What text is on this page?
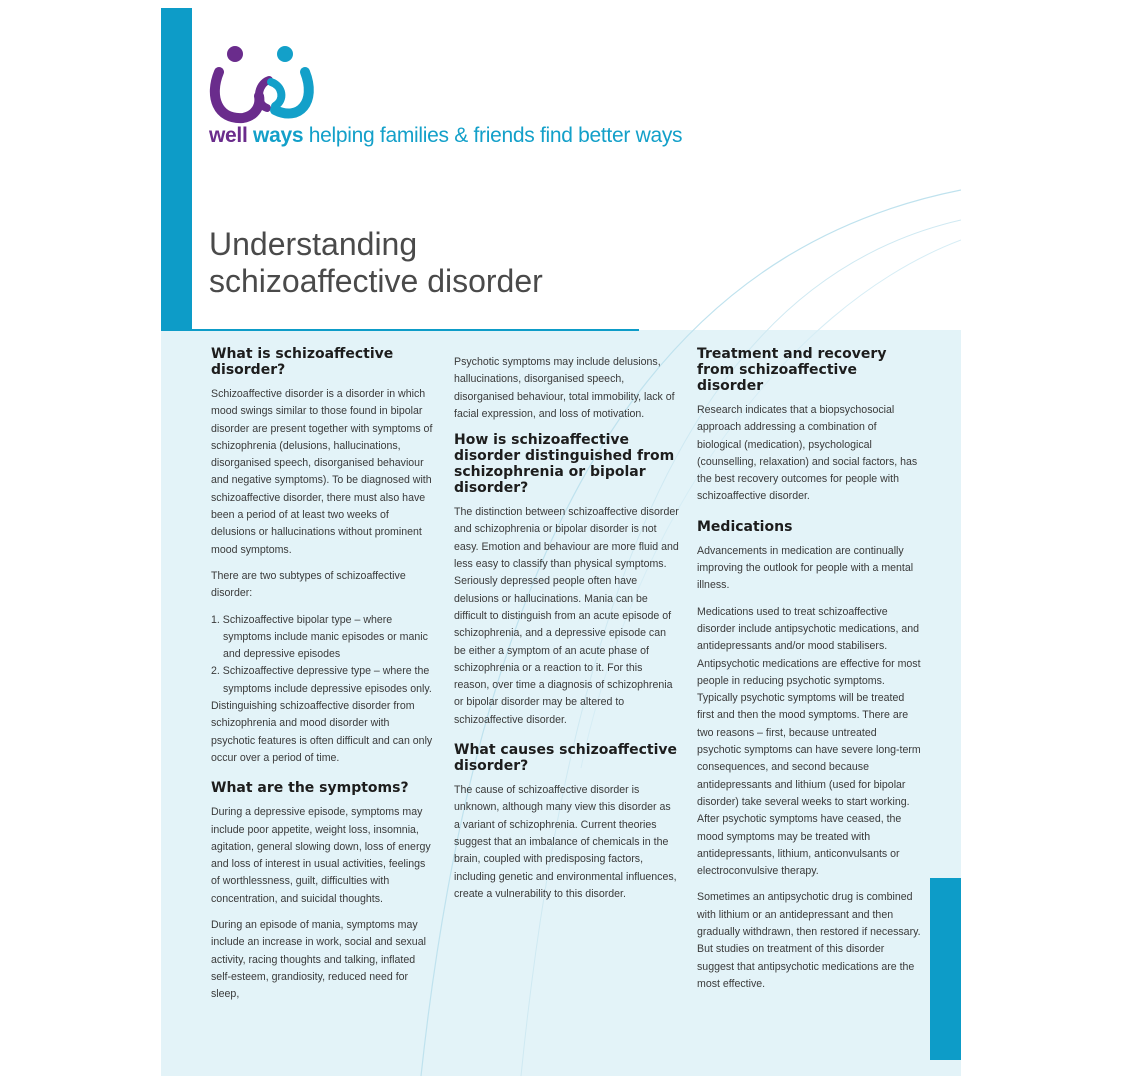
well ways helping families & friends find better ways
Understanding
schizoaffective disorder
What is schizoaffective disorder?

Schizoaffective disorder is a disorder in which mood swings similar to those found in bipolar disorder are present together with symptoms of schizophrenia (delusions, hallucinations, disorganised speech, disorganised behaviour and negative symptoms). To be diagnosed with schizoaffective disorder, there must also have been a period of at least two weeks of delusions or hallucinations without prominent mood symptoms.

There are two subtypes of schizoaffective disorder:

1. Schizoaffective bipolar type – where symptoms include manic episodes or manic and depressive episodes
2. Schizoaffective depressive type – where the symptoms include depressive episodes only.

Distinguishing schizoaffective disorder from schizophrenia and mood disorder with psychotic features is often difficult and can only occur over a period of time.

What are the symptoms?

During a depressive episode, symptoms may include poor appetite, weight loss, insomnia, agitation, general slowing down, loss of energy and loss of interest in usual activities, feelings of worthlessness, guilt, difficulties with concentration, and suicidal thoughts.

During an episode of mania, symptoms may include an increase in work, social and sexual activity, racing thoughts and talking, inflated self-esteem, grandiosity, reduced need for sleep,

Psychotic symptoms may include delusions, hallucinations, disorganised speech, disorganised behaviour, total immobility, lack of facial expression, and loss of motivation.

How is schizoaffective disorder distinguished from schizophrenia or bipolar disorder?

The distinction between schizoaffective disorder and schizophrenia or bipolar disorder is not easy. Emotion and behaviour are more fluid and less easy to classify than physical symptoms. Seriously depressed people often have delusions or hallucinations. Mania can be difficult to distinguish from an acute episode of schizophrenia, and a depressive episode can be either a symptom of an acute phase of schizophrenia or a reaction to it. For this reason, over time a diagnosis of schizophrenia or bipolar disorder may be altered to schizoaffective disorder.

What causes schizoaffective disorder?

The cause of schizoaffective disorder is unknown, although many view this disorder as a variant of schizophrenia. Current theories suggest that an imbalance of chemicals in the brain, coupled with predisposing factors, including genetic and environmental influences, create a vulnerability to this disorder.

Treatment and recovery from schizoaffective disorder

Research indicates that a biopsychosocial approach addressing a combination of biological (medication), psychological (counselling, relaxation) and social factors, has the best recovery outcomes for people with schizoaffective disorder.

Medications

Advancements in medication are continually improving the outlook for people with a mental illness.

Medications used to treat schizoaffective disorder include antipsychotic medications, and antidepressants and/or mood stabilisers. Antipsychotic medications are effective for most people in reducing psychotic symptoms. Typically psychotic symptoms will be treated first and then the mood symptoms. There are two reasons – first, because untreated psychotic symptoms can have severe long-term consequences, and second because antidepressants and lithium (used for bipolar disorder) take several weeks to start working. After psychotic symptoms have ceased, the mood symptoms may be treated with antidepressants, lithium, anticonvulsants or electroconvulsive therapy.

Sometimes an antipsychotic drug is combined with lithium or an antidepressant and then gradually withdrawn, then restored if necessary. But studies on treatment of this disorder suggest that antipsychotic medications are the most effective.
